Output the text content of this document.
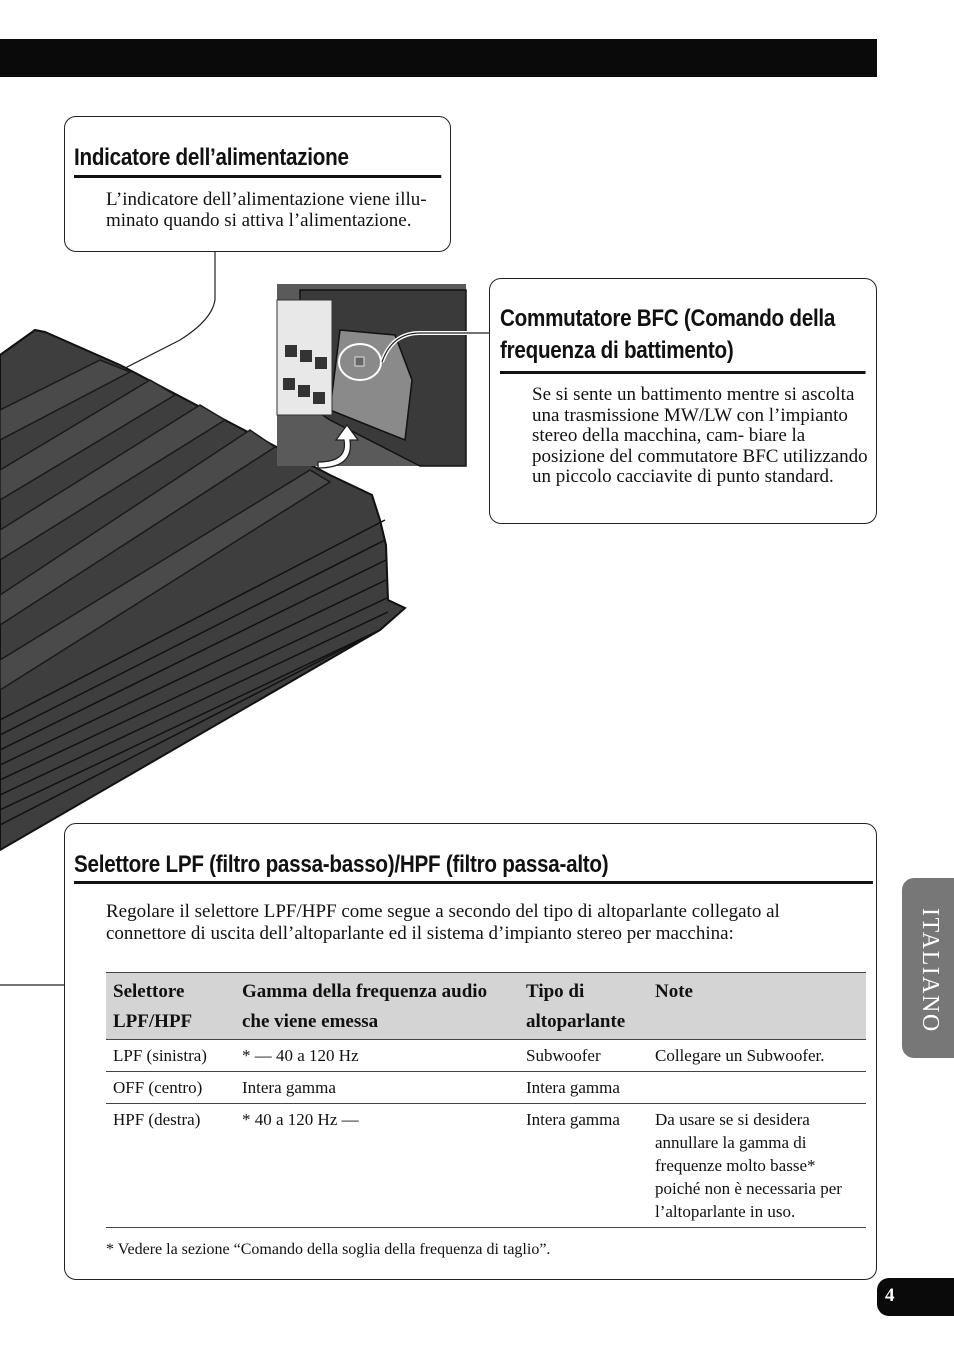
Indicatore dell’alimentazione
L’indicatore dell’alimentazione viene illu- minato quando si attiva l’alimentazione.
Commutatore BFC (Comando della frequenza di battimento)
Se si sente un battimento mentre si ascolta una trasmissione MW/LW con l’impianto stereo della macchina, cam- biare la posizione del commutatore BFC utilizzando un piccolo cacciavite di punto standard.
Selettore LPF (filtro passa-basso)/HPF (filtro passa-alto)
Regolare il selettore LPF/HPF come segue a secondo del tipo di altoparlante collegato al connettore di uscita dell’altoparlante ed il sistema d’impianto stereo per macchina:
Selettore LPF/HPF	Gamma della frequenza audio che viene emessa	Tipo di altoparlante	Note
LPF (sinistra)	* — 40 a 120 Hz	Subwoofer	Collegare un Subwoofer.
OFF (centro)	Intera gamma	Intera gamma	
HPF (destra)	* 40 a 120 Hz —	Intera gamma	Da usare se si desidera annullare la gamma di frequenze molto basse* poiché non è necessaria per l’altoparlante in uso.
* Vedere la sezione “Comando della soglia della frequenza di taglio”.
ITALIANO
4
